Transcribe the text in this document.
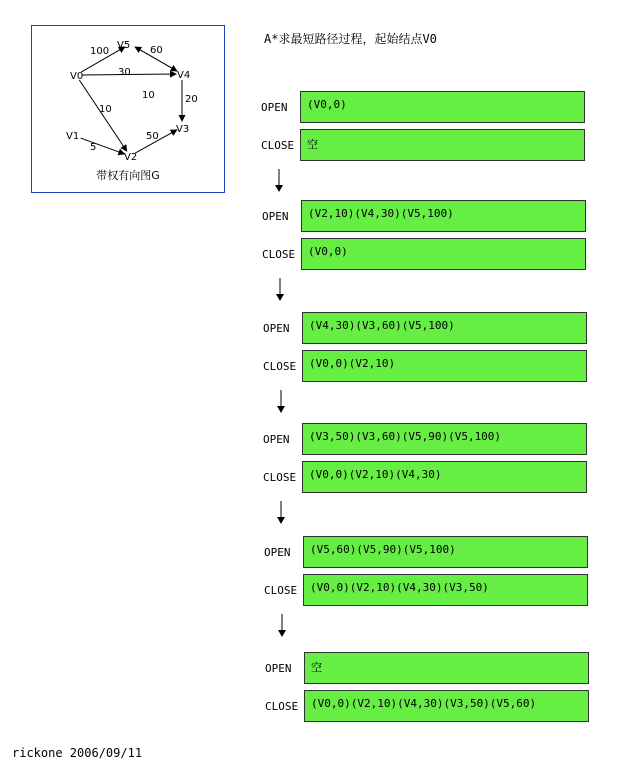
100
30
10
60
10	20
50
5
V0
V1
V2
V3
V4
V5
带权有向图G
A*求最短路径过程，起始结点V0
OPEN	(V0,0)
CLOSE	空
OPEN	(V2,10)(V4,30)(V5,100)
CLOSE	(V0,0)
OPEN	(V4,30)(V3,60)(V5,100)
CLOSE	(V0,0)(V2,10)
OPEN	(V3,50)(V3,60)(V5,90)(V5,100)
CLOSE	(V0,0)(V2,10)(V4,30)
OPEN	(V5,60)(V5,90)(V5,100)
CLOSE	(V0,0)(V2,10)(V4,30)(V3,50)
OPEN	空
CLOSE	(V0,0)(V2,10)(V4,30)(V3,50)(V5,60)
rickone 2006/09/11
